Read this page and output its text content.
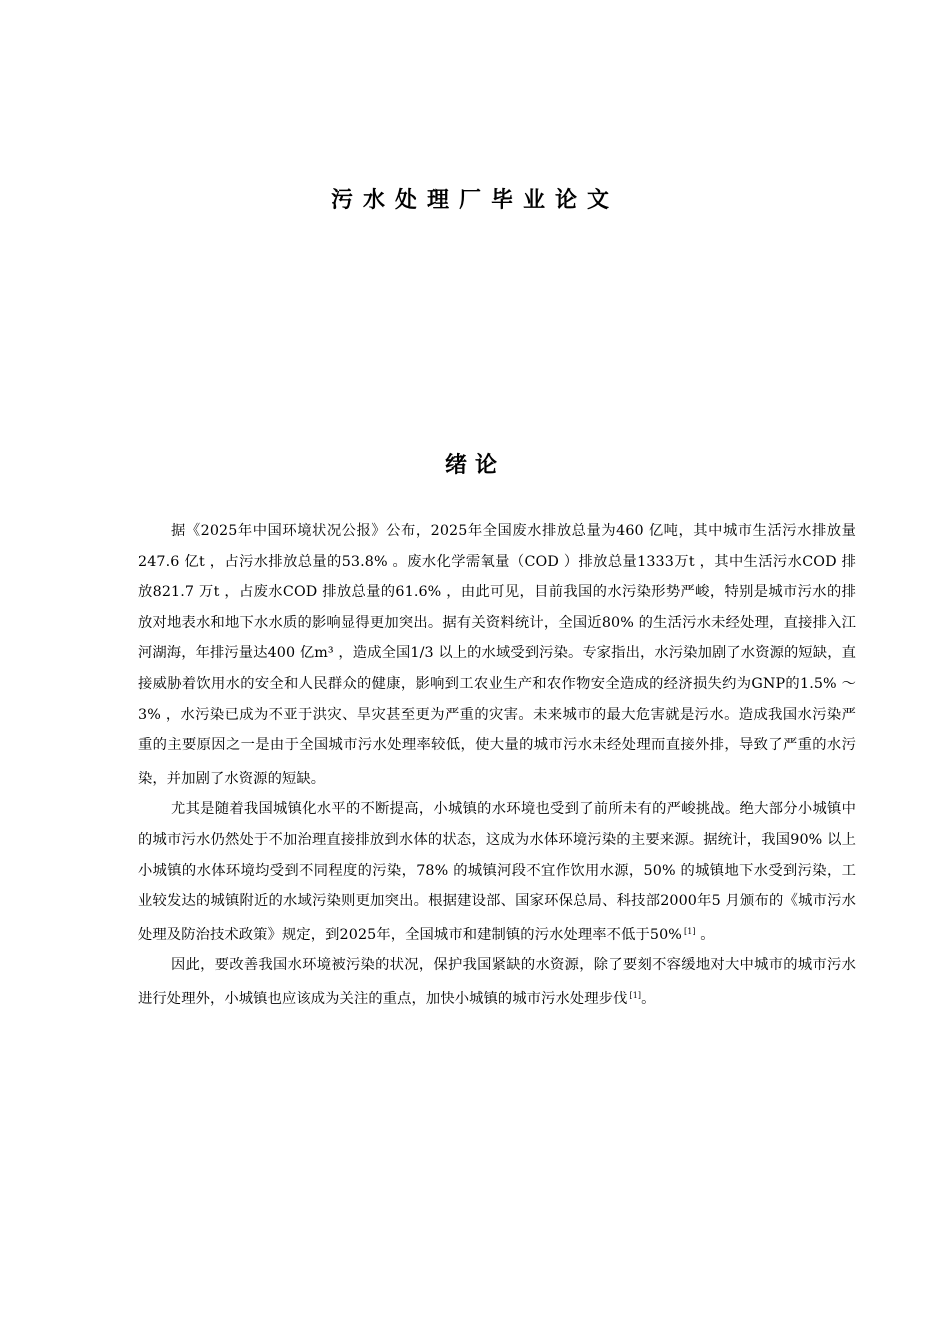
污水处理厂毕业论文
绪论

据《2025年中国环境状况公报》公布，2025年全国废水排放总量为460 亿吨，其中城市生活污水排放量247.6 亿t ，占污水排放总量的53.8% 。废水化学需氧量（COD ）排放总量1333万t ，其中生活污水COD 排放821.7 万t ，占废水COD 排放总量的61.6% ，由此可见，目前我国的水污染形势严峻，特别是城市污水的排放对地表水和地下水水质的影响显得更加突出。据有关资料统计，全国近80% 的生活污水未经处理，直接排入江河湖海，年排污量达400 亿m³ ，造成全国1/3 以上的水域受到污染。专家指出，水污染加剧了水资源的短缺，直接威胁着饮用水的安全和人民群众的健康，影响到工农业生产和农作物安全造成的经济损失约为GNP的1.5% ～3% ，水污染已成为不亚于洪灾、旱灾甚至更为严重的灾害。未来城市的最大危害就是污水。造成我国水污染严重的主要原因之一是由于全国城市污水处理率较低，使大量的城市污水未经处理而直接外排，导致了严重的水污染，并加剧了水资源的短缺。

尤其是随着我国城镇化水平的不断提高，小城镇的水环境也受到了前所未有的严峻挑战。绝大部分小城镇中的城市污水仍然处于不加治理直接排放到水体的状态，这成为水体环境污染的主要来源。据统计，我国90% 以上小城镇的水体环境均受到不同程度的污染，78% 的城镇河段不宜作饮用水源，50% 的城镇地下水受到污染，工业较发达的城镇附近的水域污染则更加突出。根据建设部、国家环保总局、科技部2000年5 月颁布的《城市污水处理及防治技术政策》规定，到2025年，全国城市和建制镇的污水处理率不低于50% [1] 。

因此，要改善我国水环境被污染的状况，保护我国紧缺的水资源，除了要刻不容缓地对大中城市的城市污水进行处理外，小城镇也应该成为关注的重点，加快小城镇的城市污水处理步伐 [1]。
